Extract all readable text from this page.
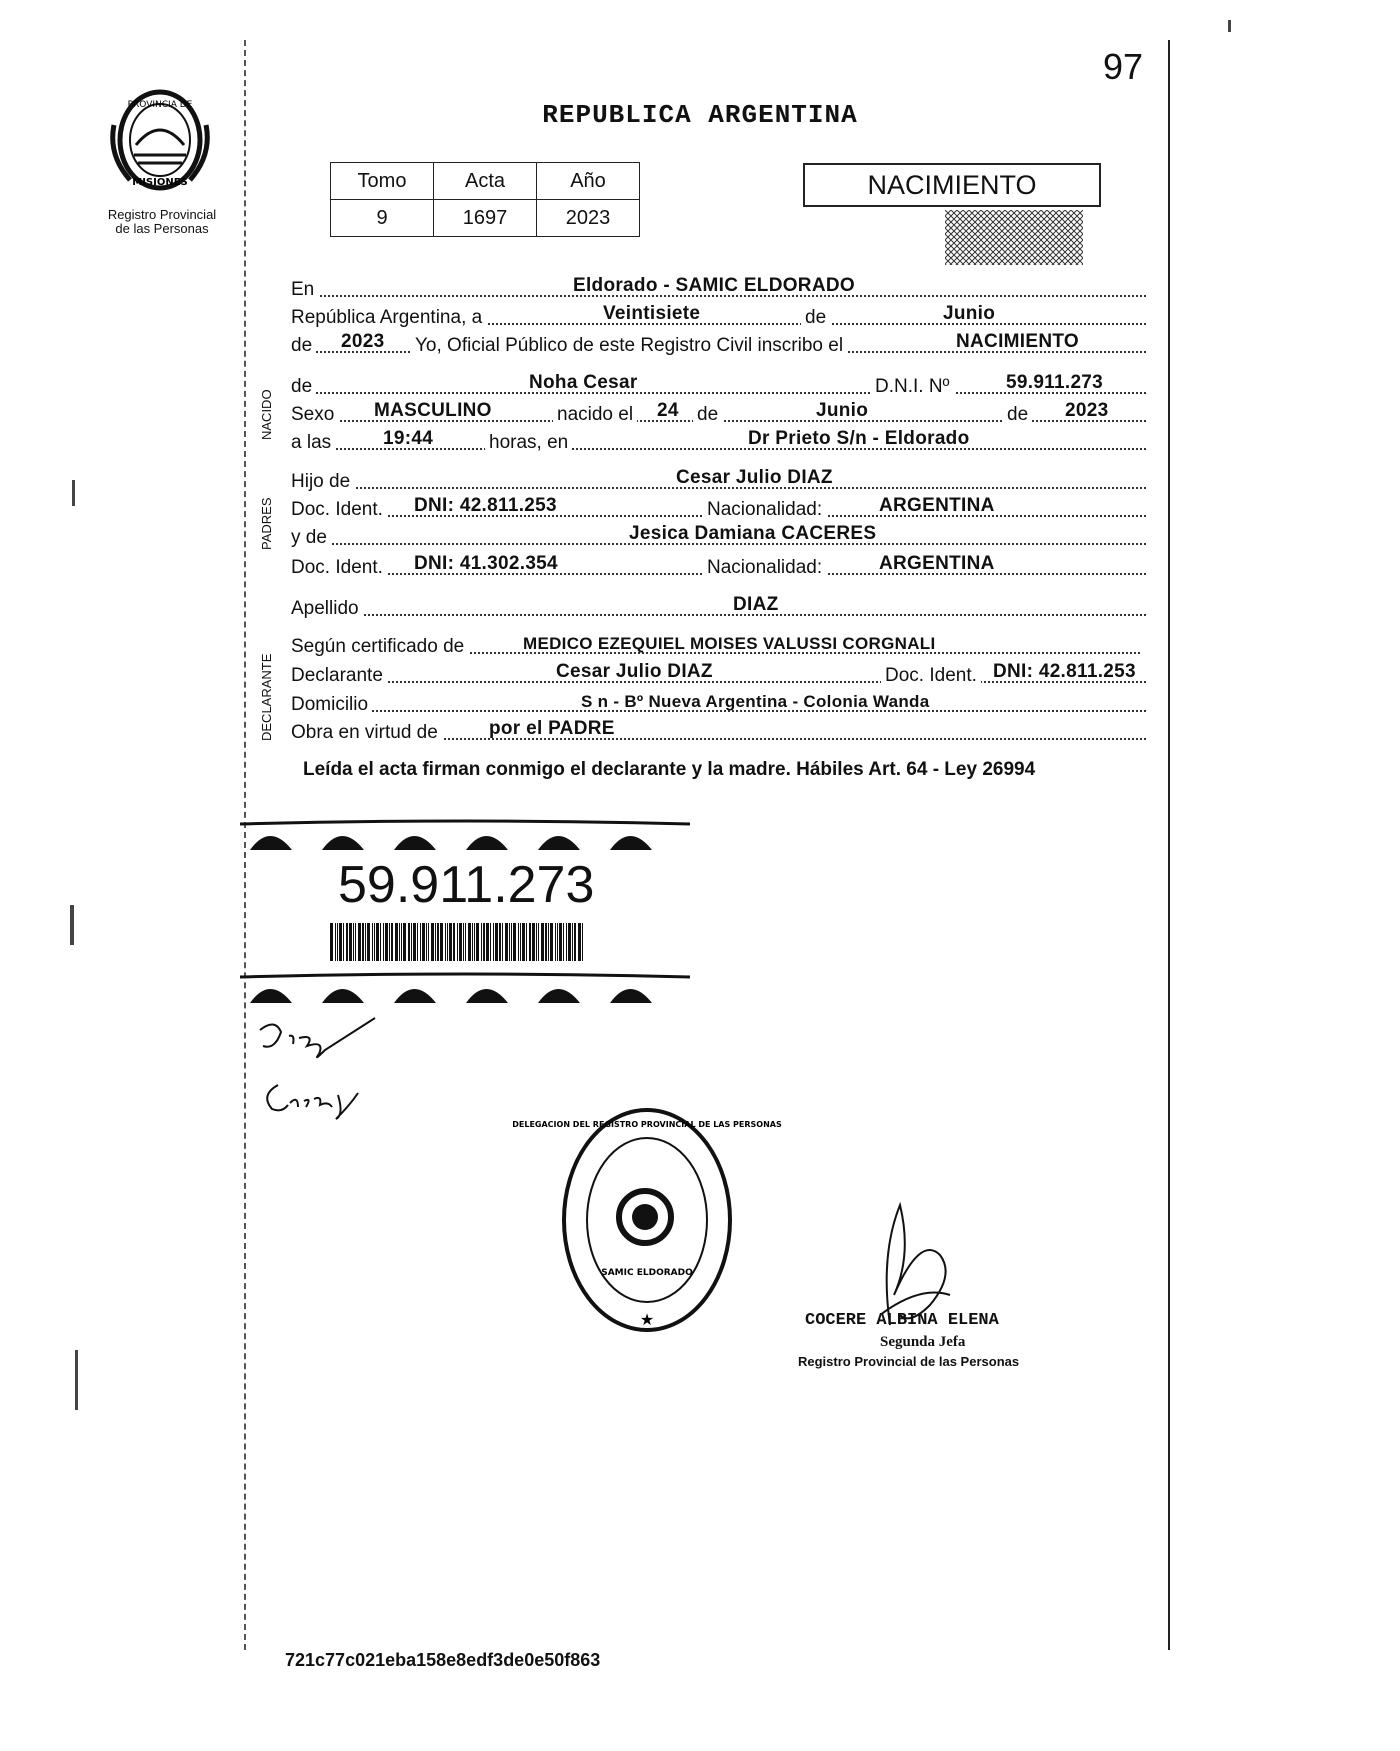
97
PROVINCIA DE
MISIONES
Registro Provincial
de las Personas
REPUBLICA ARGENTINA
Tomo	Acta	Año
9	1697	2023
NACIMIENTO
NACIDO
PADRES
DECLARANTE
En	Eldorado - SAMIC ELDORADO
República Argentina, a	Veintisiete	de	Junio
de 2023 Yo, Oficial Público de este Registro Civil inscribo el	NACIMIENTO
de	Noha Cesar	D.N.I. Nº	59.911.273
Sexo MASCULINO	nacido el 24 de	Junio	de 2023
a las	19:44	horas, en	Dr Prieto S/n - Eldorado
Hijo de	Cesar Julio DIAZ
Doc. Ident. DNI: 42.811.253	Nacionalidad:	ARGENTINA
y de	Jesica Damiana CACERES
Doc. Ident. DNI: 41.302.354	Nacionalidad:	ARGENTINA
Apellido	DIAZ
Según certificado de	MEDICO EZEQUIEL MOISES VALUSSI CORGNALI
Declarante	Cesar Julio DIAZ	Doc. Ident. DNI: 42.811.253
Domicilio	S n - Bº Nueva Argentina - Colonia Wanda
Obra en virtud de	por el PADRE
Leída el acta firman conmigo el declarante y la madre. Hábiles Art. 64 - Ley 26994
59.911.273
★
DELEGACION DEL REGISTRO PROVINCIAL DE LAS PERSONAS
SAMIC ELDORADO
COCERE ALBINA ELENA
Segunda Jefa
Registro Provincial de las Personas
721c77c021eba158e8edf3de0e50f863
